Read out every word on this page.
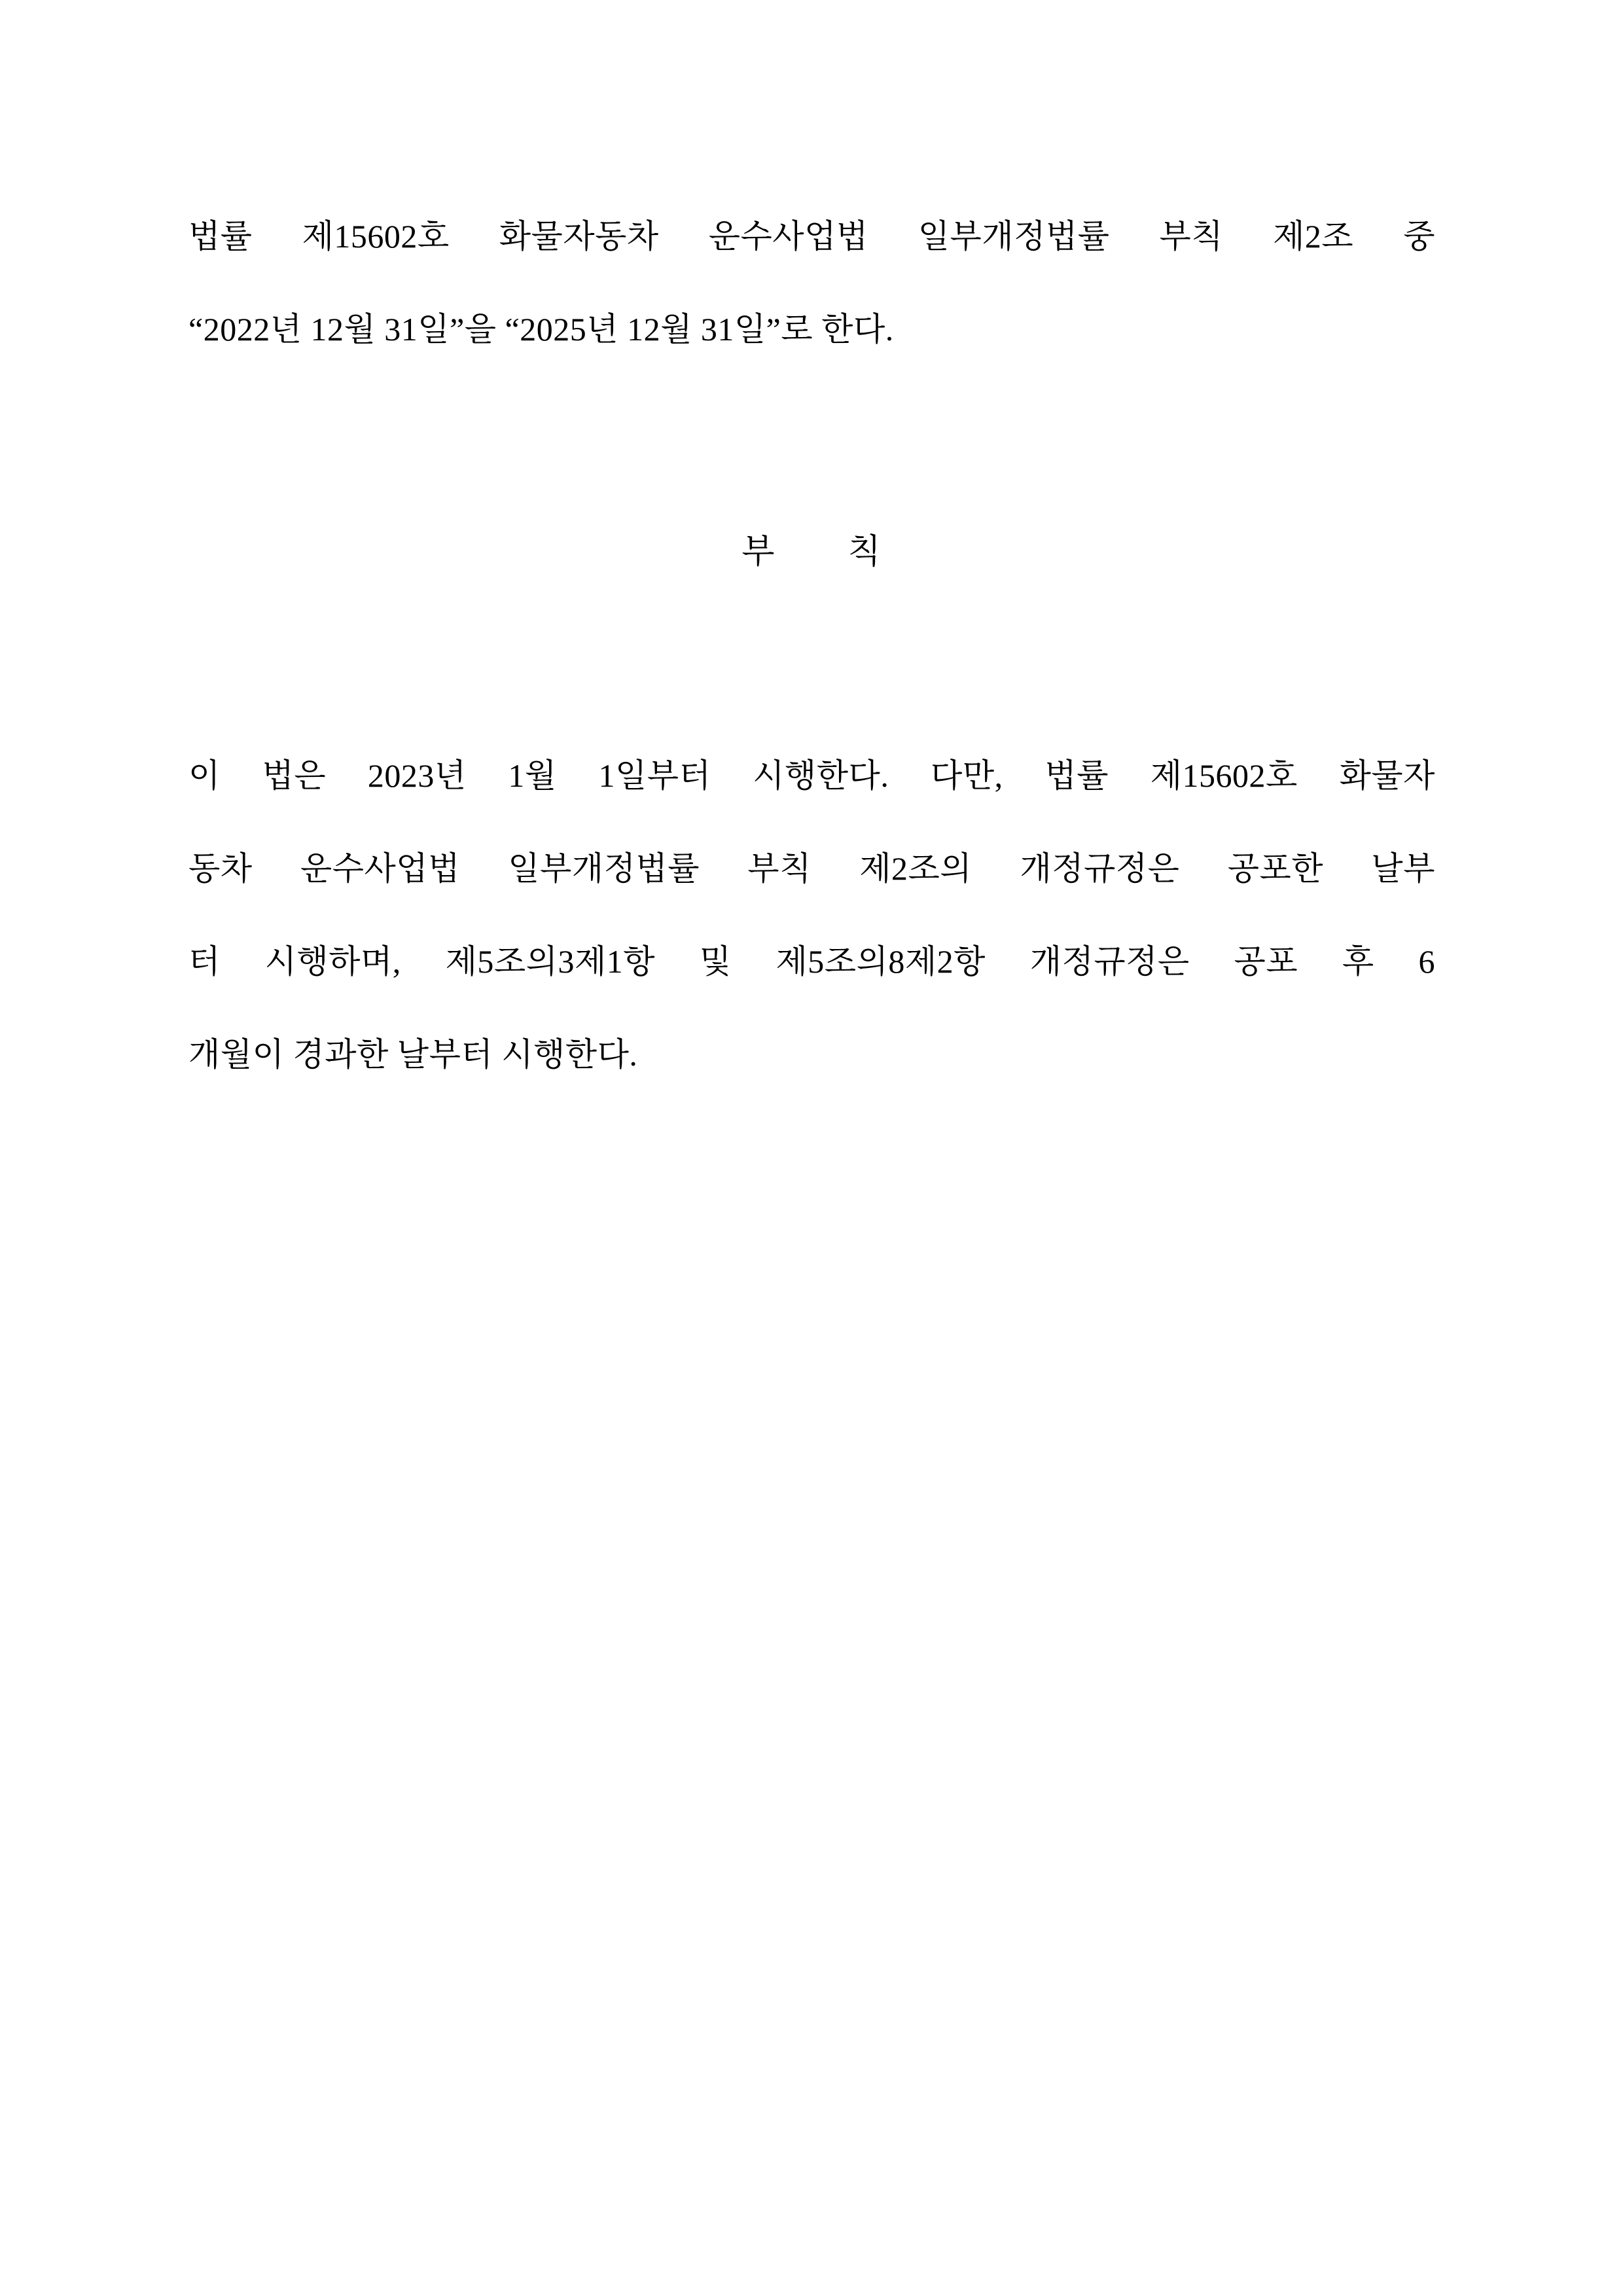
법률 제15602호 화물자동차 운수사업법 일부개정법률 부칙 제2조 중
“2022년 12월 31일”을 “2025년 12월 31일”로 한다.
부 칙
이 법은 2023년 1월 1일부터 시행한다. 다만, 법률 제15602호 화물자
동차 운수사업법 일부개정법률 부칙 제2조의 개정규정은 공포한 날부
터 시행하며, 제5조의3제1항 및 제5조의8제2항 개정규정은 공포 후 6
개월이 경과한 날부터 시행한다.
